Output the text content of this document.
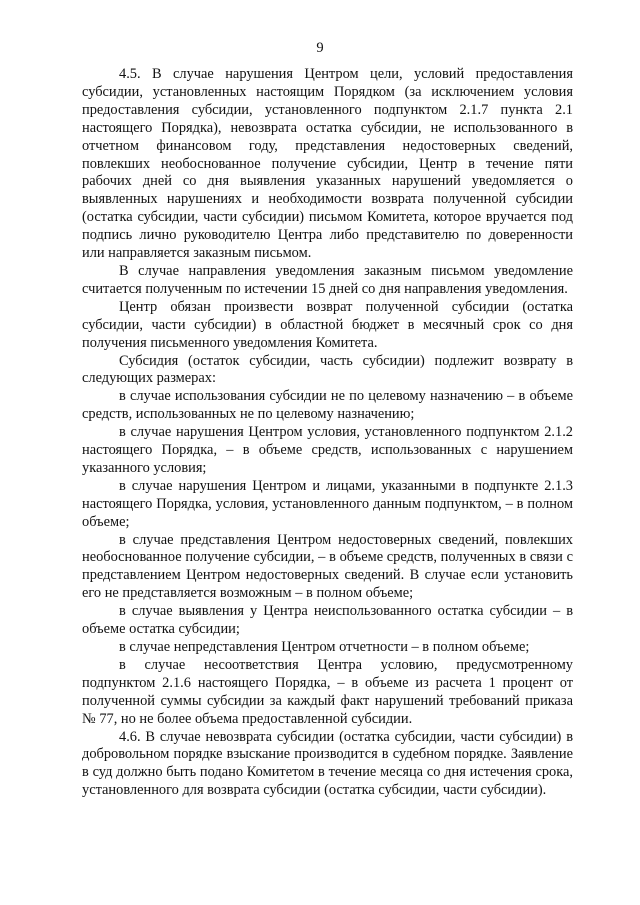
9

4.5. В случае нарушения Центром цели, условий предоставления субсидии, установленных настоящим Порядком (за исключением условия предоставления субсидии, установленного подпунктом 2.1.7 пункта 2.1 настоящего Порядка), невозврата остатка субсидии, не использованного в отчетном финансовом году, представления недостоверных сведений, повлекших необоснованное получение субсидии, Центр в течение пяти рабочих дней со дня выявления указанных нарушений уведомляется о выявленных нарушениях и необходимости возврата полученной субсидии (остатка субсидии, части субсидии) письмом Комитета, которое вручается под подпись лично руководителю Центра либо представителю по доверенности или направляется заказным письмом.

В случае направления уведомления заказным письмом уведомление считается полученным по истечении 15 дней со дня направления уведомления.

Центр обязан произвести возврат полученной субсидии (остатка субсидии, части субсидии) в областной бюджет в месячный срок со дня получения письменного уведомления Комитета.

Субсидия (остаток субсидии, часть субсидии) подлежит возврату в следующих размерах:

в случае использования субсидии не по целевому назначению – в объеме средств, использованных не по целевому назначению;

в случае нарушения Центром условия, установленного подпунктом 2.1.2 настоящего Порядка, – в объеме средств, использованных с нарушением указанного условия;

в случае нарушения Центром и лицами, указанными в подпункте 2.1.3 настоящего Порядка, условия, установленного данным подпунктом, – в полном объеме;

в случае представления Центром недостоверных сведений, повлекших необоснованное получение субсидии, – в объеме средств, полученных в связи с представлением Центром недостоверных сведений. В случае если установить его не представляется возможным – в полном объеме;

в случае выявления у Центра неиспользованного остатка субсидии – в объеме остатка субсидии;

в случае непредставления Центром отчетности – в полном объеме;

в случае несоответствия Центра условию, предусмотренному подпунктом 2.1.6 настоящего Порядка, – в объеме из расчета 1 процент от полученной суммы субсидии за каждый факт нарушений требований приказа № 77, но не более объема предоставленной субсидии.

4.6. В случае невозврата субсидии (остатка субсидии, части субсидии) в добровольном порядке взыскание производится в судебном порядке. Заявление в суд должно быть подано Комитетом в течение месяца со дня истечения срока, установленного для возврата субсидии (остатка субсидии, части субсидии).
